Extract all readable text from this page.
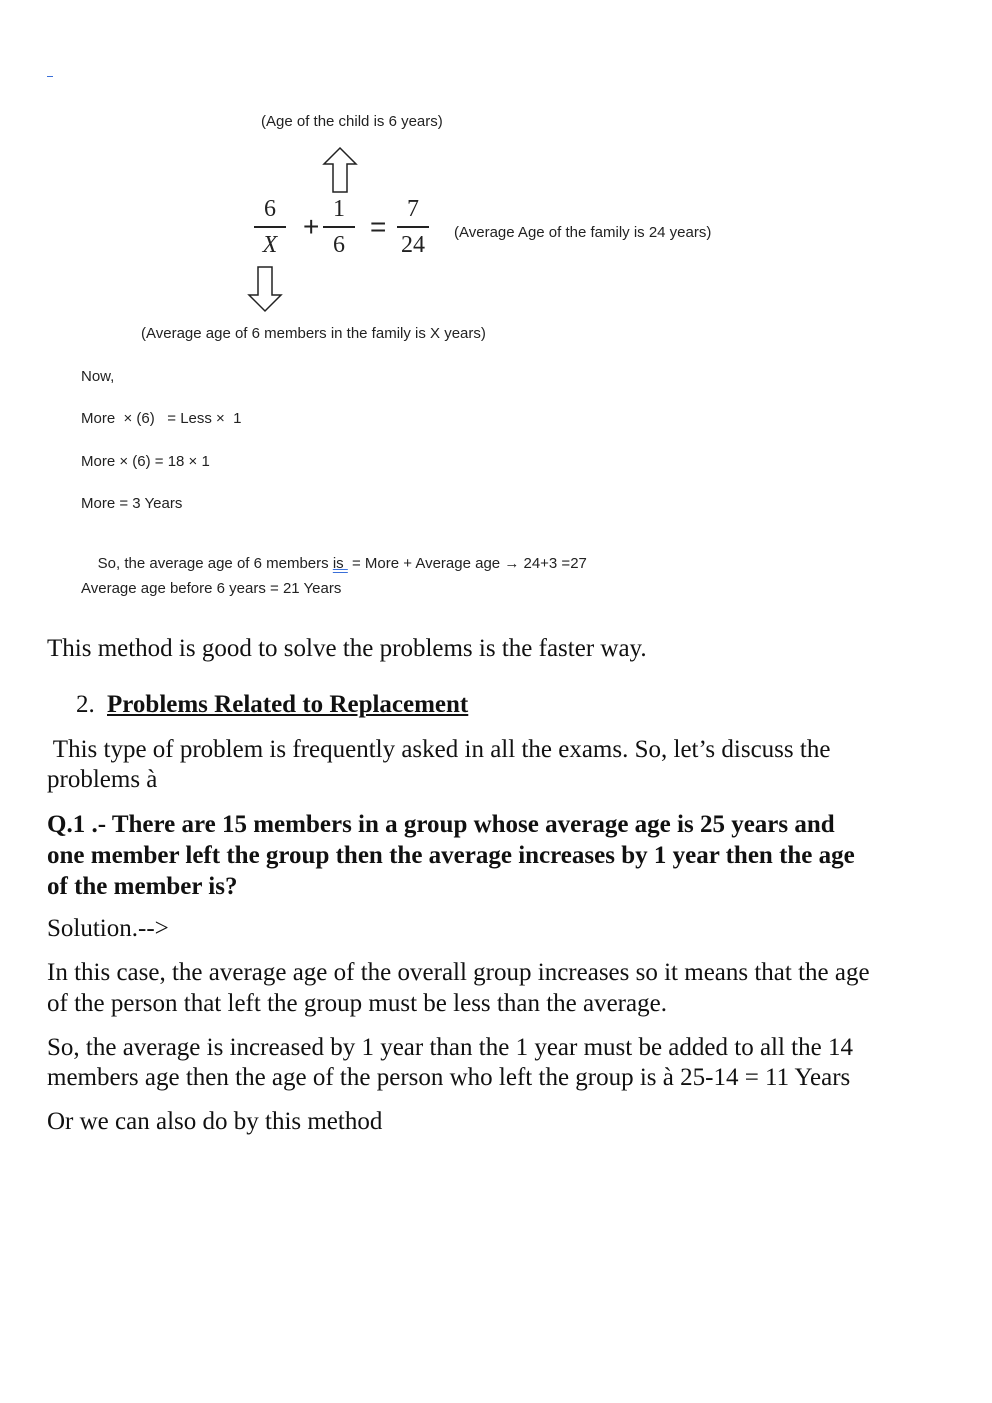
(Age of the child is 6 years)
6
X
+
1
6
=
7
24	(Average Age of the family is 24 years)
(Average age of 6 members in the family is X years)
Now,
More  × (6)   = Less ×  1
More × (6) = 18 × 1
More = 3 Years

So, the average age of 6 members is  = More + Average age → 24+3 =27

Average age before 6 years = 21 Years
This method is good to solve the problems is the faster way.
2. Problems Related to Replacement
This type of problem is frequently asked in all the exams. So, let’s discuss the
problems à
Q.1 .- There are 15 members in a group whose average age is 25 years and
one member left the group then the average increases by 1 year then the age
of the member is?
Solution.-->
In this case, the average age of the overall group increases so it means that the age
of the person that left the group must be less than the average.
So, the average is increased by 1 year than the 1 year must be added to all the 14
members age then the age of the person who left the group is à 25-14 = 11 Years
Or we can also do by this method
